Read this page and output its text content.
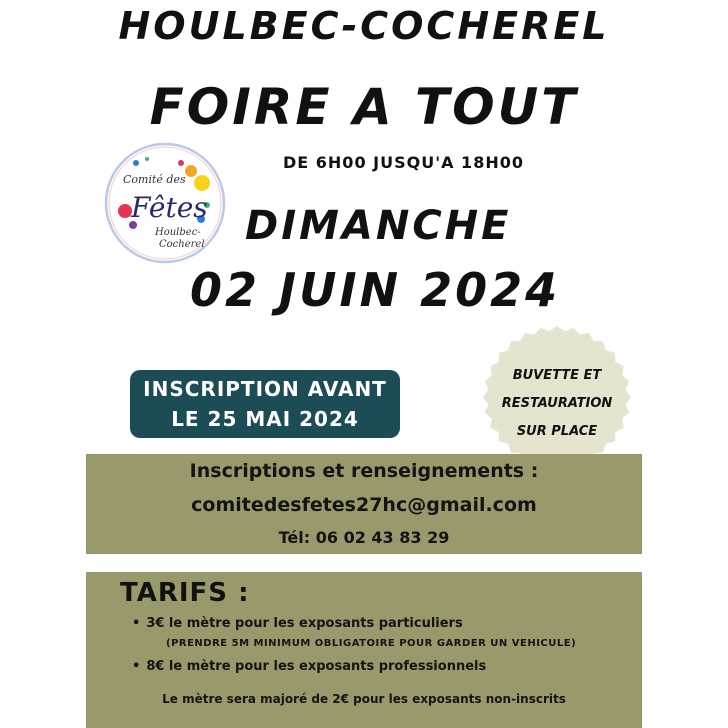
HOULBEC-COCHEREL
FOIRE A TOUT
DE 6H00 JUSQU'A 18H00
DIMANCHE
02 JUIN 2024
Comité des
Fêtes
Houlbec-
Cocherel
INSCRIPTION AVANT
LE 25 MAI 2024
BUVETTE ET
RESTAURATION
SUR PLACE
Inscriptions et renseignements :
comitedesfetes27hc@gmail.com
Tél: 06 02 43 83 29
TARIFS :
• 3€ le mètre pour les exposants particuliers
(PRENDRE 5M MINIMUM OBLIGATOIRE POUR GARDER UN VEHICULE)
• 8€ le mètre pour les exposants professionnels
Le mètre sera majoré de 2€ pour les exposants non-inscrits
